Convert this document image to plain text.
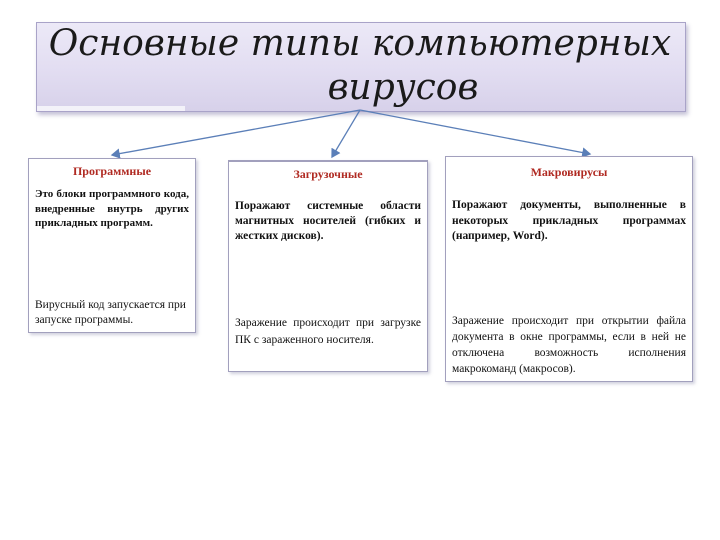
Основные типы компьютерных
вирусов
Программные
Это блоки программного кода, внедренные внутрь других прикладных программ.
Вирусный код запускается при запуске программы.
Загрузочные
Поражают системные области магнитных носителей (гибких и жестких дисков).
Заражение происходит при загрузке ПК с зараженного носителя.
Макровирусы
Поражают документы, выполненные в некоторых прикладных программах (например, Word).
Заражение происходит при открытии файла документа в окне программы, если в ней не отключена возможность исполнения макрокоманд (макросов).
